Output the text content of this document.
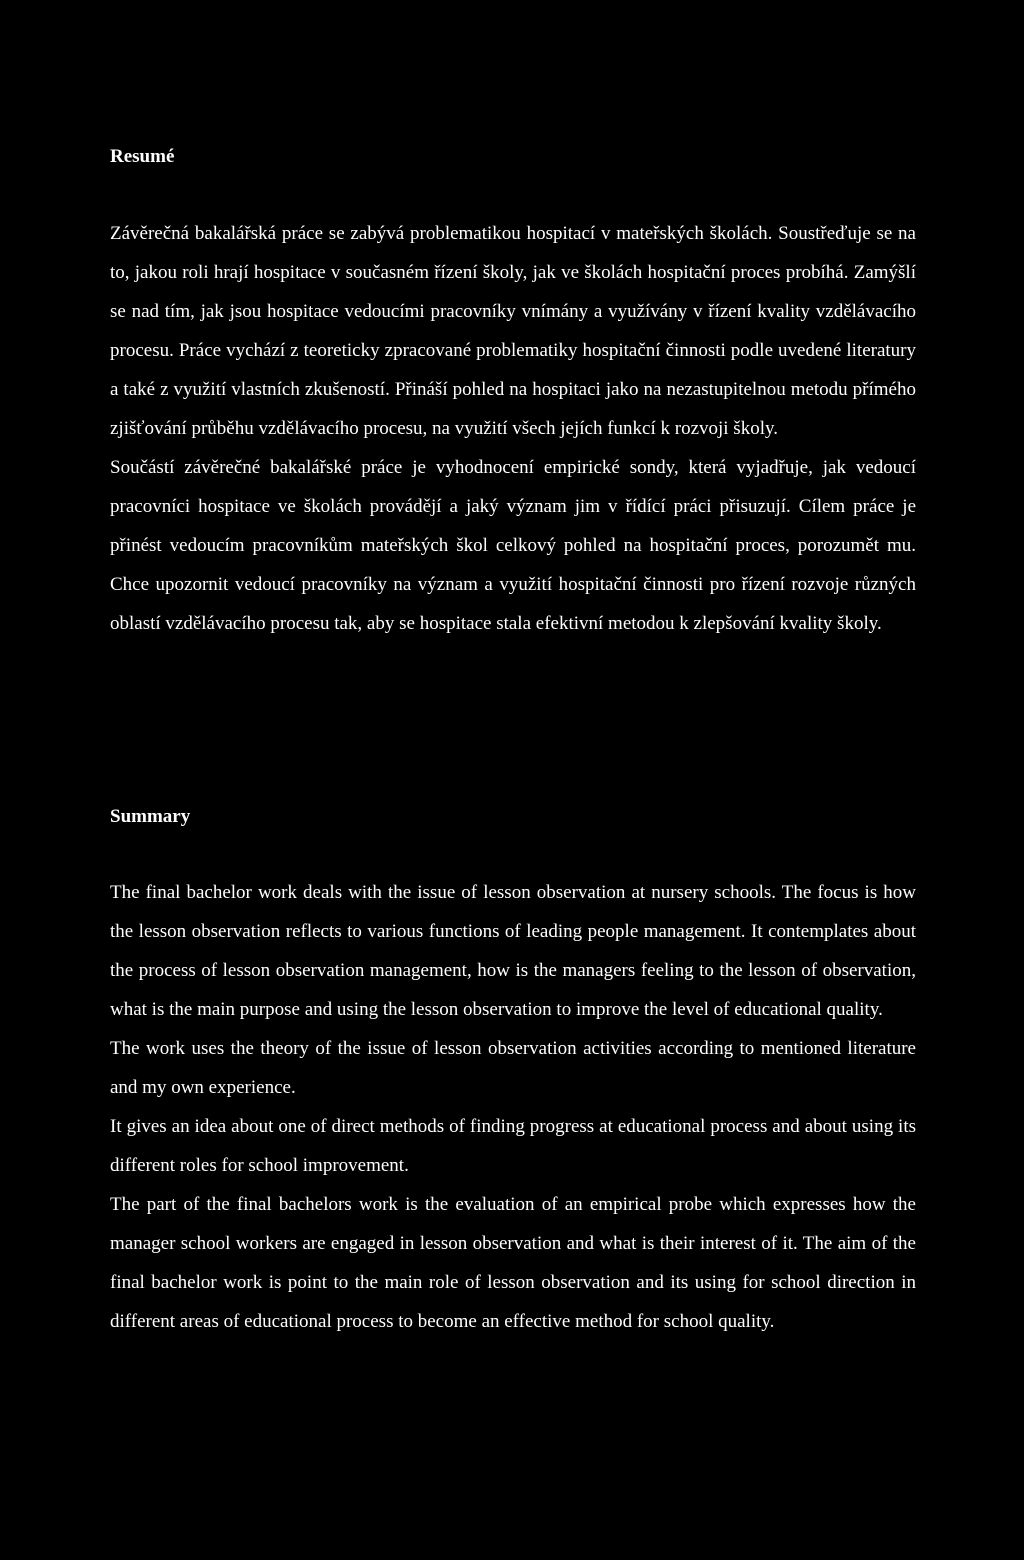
Resumé

Závěrečná bakalářská práce se zabývá problematikou hospitací v mateřských školách. Soustřeďuje se na to, jakou roli hrají hospitace v současném řízení školy, jak ve školách hospitační proces probíhá. Zamýšlí se nad tím, jak jsou hospitace vedoucími pracovníky vnímány a využívány v řízení kvality vzdělávacího procesu. Práce vychází z teoreticky zpracované problematiky hospitační činnosti podle uvedené literatury a také z využití vlastních zkušeností. Přináší pohled na hospitaci jako na nezastupitelnou metodu přímého zjišťování průběhu vzdělávacího procesu, na využití všech jejích funkcí k rozvoji školy.

Součástí závěrečné bakalářské práce je vyhodnocení empirické sondy, která vyjadřuje, jak vedoucí pracovníci hospitace ve školách provádějí a jaký význam jim v řídící práci přisuzují. Cílem práce je přinést vedoucím pracovníkům mateřských škol celkový pohled na hospitační proces, porozumět mu. Chce upozornit vedoucí pracovníky na význam a využití hospitační činnosti pro řízení rozvoje různých oblastí vzdělávacího procesu tak, aby se hospitace stala efektivní metodou k zlepšování kvality školy.

Summary

The final bachelor work deals with the issue of lesson observation at nursery schools. The focus is how the lesson observation reflects to various functions of leading people management. It contemplates about the process of lesson observation management, how is the managers feeling to the lesson of observation, what is the main purpose and using the lesson observation to improve the level of educational quality.

The work uses the theory of the issue of lesson observation activities according to mentioned literature and my own experience.

It gives an idea about one of direct methods of finding progress at educational process and about using its different roles for school improvement.

The part of the final bachelors work is the evaluation of an empirical probe which expresses how the manager school workers are engaged in lesson observation and what is their interest of it. The aim of the final bachelor work is point to the main role of lesson observation and its using for school direction in different areas of educational process to become an effective method for school quality.
